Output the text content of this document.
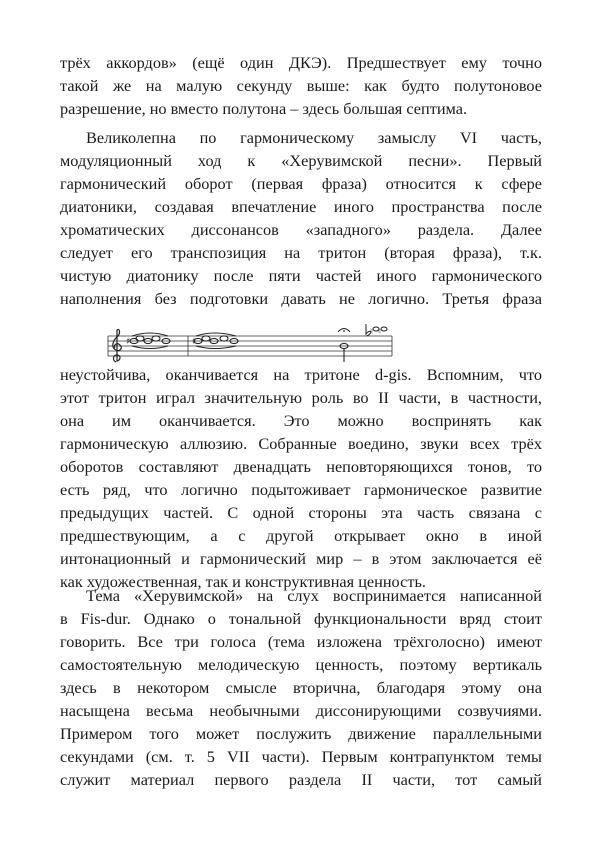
трёх аккордов» (ещё один ДКЭ). Предшествует ему точно
такой же на малую секунду выше: как будто полутоновое
разрешение, но вместо полутона – здесь большая септима.
Великолепна по гармоническому замыслу VI часть,
модуляционный ход к «Херувимской песни». Первый
гармонический оборот (первая фраза) относится к сфере
диатоники, создавая впечатление иного пространства после
хроматических диссонансов «западного» раздела. Далее
следует его транспозиция на тритон (вторая фраза), т.к.
чистую диатонику после пяти частей иного гармонического
наполнения без подготовки давать не логично. Третья фраза
♯	♯
♮ ♮
неустойчива, оканчивается на тритоне d-gis. Вспомним, что
этот тритон играл значительную роль во II части, в частности,
она им оканчивается. Это можно воспринять как
гармоническую аллюзию. Собранные воедино, звуки всех трёх
оборотов составляют двенадцать неповторяющихся тонов, то
есть ряд, что логично подытоживает гармоническое развитие
предыдущих частей. С одной стороны эта часть связана с
предшествующим, а с другой открывает окно в иной
интонационный и гармонический мир – в этом заключается её
как художественная, так и конструктивная ценность.
Тема «Херувимской» на слух воспринимается написанной
в Fis-dur. Однако о тональной функциональности вряд стоит
говорить. Все три голоса (тема изложена трёхголосно) имеют
самостоятельную мелодическую ценность, поэтому вертикаль
здесь в некотором смысле вторична, благодаря этому она
насыщена весьма необычными диссонирующими созвучиями.
Примером того может послужить движение параллельными
секундами (см. т. 5 VII части). Первым контрапунктом темы
служит материал первого раздела II части, тот самый
